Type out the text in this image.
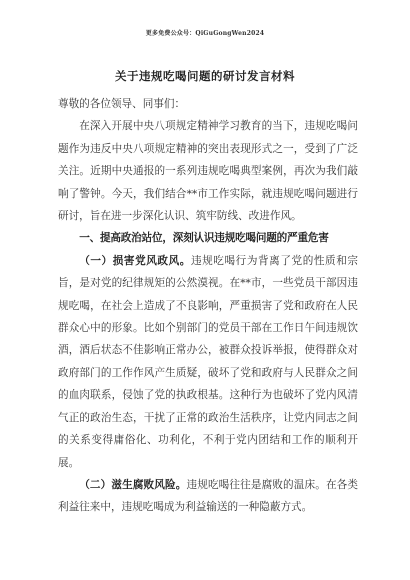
更多免费公众号：QiGuGongWen2024
关于违规吃喝问题的研讨发言材料

尊敬的各位领导、同事们：

在深入开展中央八项规定精神学习教育的当下，违规吃喝问题作为违反中央八项规定精神的突出表现形式之一，受到了广泛关注。近期中央通报的一系列违规吃喝典型案例，再次为我们敲响了警钟。今天，我们结合**市工作实际，就违规吃喝问题进行研讨，旨在进一步深化认识、筑牢防线、改进作风。

一、提高政治站位，深刻认识违规吃喝问题的严重危害

（一）损害党风政风。违规吃喝行为背离了党的性质和宗旨，是对党的纪律规矩的公然漠视。在**市，一些党员干部因违规吃喝，在社会上造成了不良影响，严重损害了党和政府在人民群众心中的形象。比如个别部门的党员干部在工作日午间违规饮酒，酒后状态不佳影响正常办公，被群众投诉举报，使得群众对政府部门的工作作风产生质疑，破坏了党和政府与人民群众之间的血肉联系，侵蚀了党的执政根基。这种行为也破坏了党内风清气正的政治生态，干扰了正常的政治生活秩序，让党内同志之间的关系变得庸俗化、功利化，不利于党内团结和工作的顺利开展。

（二）滋生腐败风险。违规吃喝往往是腐败的温床。在各类利益往来中，违规吃喝成为利益输送的一种隐蔽方式。
